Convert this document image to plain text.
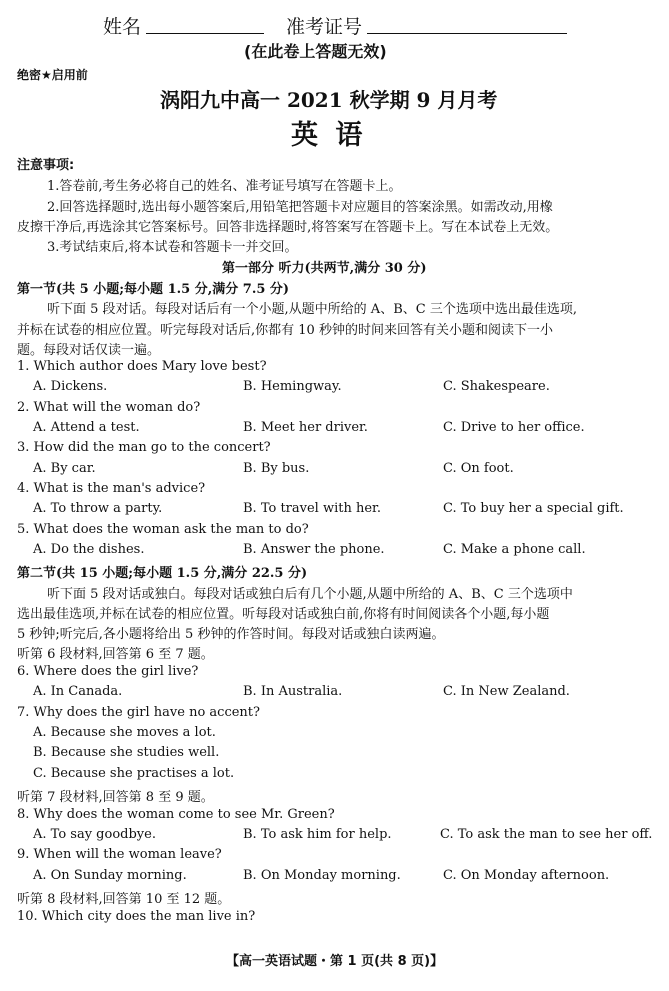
姓名	准考证号
(在此卷上答题无效)
绝密★启用前
涡阳九中高一 2021 秋学期 9 月月考
英 语
注意事项:
1.答卷前,考生务必将自己的姓名、准考证号填写在答题卡上。
2.回答选择题时,选出每小题答案后,用铅笔把答题卡对应题目的答案涂黑。如需改动,用橡
皮擦干净后,再选涂其它答案标号。回答非选择题时,将答案写在答题卡上。写在本试卷上无效。
3.考试结束后,将本试卷和答题卡一并交回。
第一部分 听力(共两节,满分 30 分)
第一节(共 5 小题;每小题 1.5 分,满分 7.5 分)
听下面 5 段对话。每段对话后有一个小题,从题中所给的 A、B、C 三个选项中选出最佳选项,
并标在试卷的相应位置。听完每段对话后,你都有 10 秒钟的时间来回答有关小题和阅读下一小
题。每段对话仅读一遍。
1. Which author does Mary love best?
A. Dickens.	B. Hemingway.	C. Shakespeare.
2. What will the woman do?
A. Attend a test.	B. Meet her driver.	C. Drive to her office.
3. How did the man go to the concert?
A. By car.	B. By bus.	C. On foot.
4. What is the man's advice?
A. To throw a party.	B. To travel with her.	C. To buy her a special gift.
5. What does the woman ask the man to do?
A. Do the dishes.	B. Answer the phone.	C. Make a phone call.
第二节(共 15 小题;每小题 1.5 分,满分 22.5 分)
听下面 5 段对话或独白。每段对话或独白后有几个小题,从题中所给的 A、B、C 三个选项中
选出最佳选项,并标在试卷的相应位置。听每段对话或独白前,你将有时间阅读各个小题,每小题
5 秒钟;听完后,各小题将给出 5 秒钟的作答时间。每段对话或独白读两遍。
听第 6 段材料,回答第 6 至 7 题。
6. Where does the girl live?
A. In Canada.	B. In Australia.	C. In New Zealand.
7. Why does the girl have no accent?
A. Because she moves a lot.
B. Because she studies well.
C. Because she practises a lot.
听第 7 段材料,回答第 8 至 9 题。
8. Why does the woman come to see Mr. Green?
A. To say goodbye.	B. To ask him for help.	C. To ask the man to see her off.
9. When will the woman leave?
A. On Sunday morning.	B. On Monday morning.	C. On Monday afternoon.
听第 8 段材料,回答第 10 至 12 题。
10. Which city does the man live in?
【高一英语试题・第 1 页(共 8 页)】
